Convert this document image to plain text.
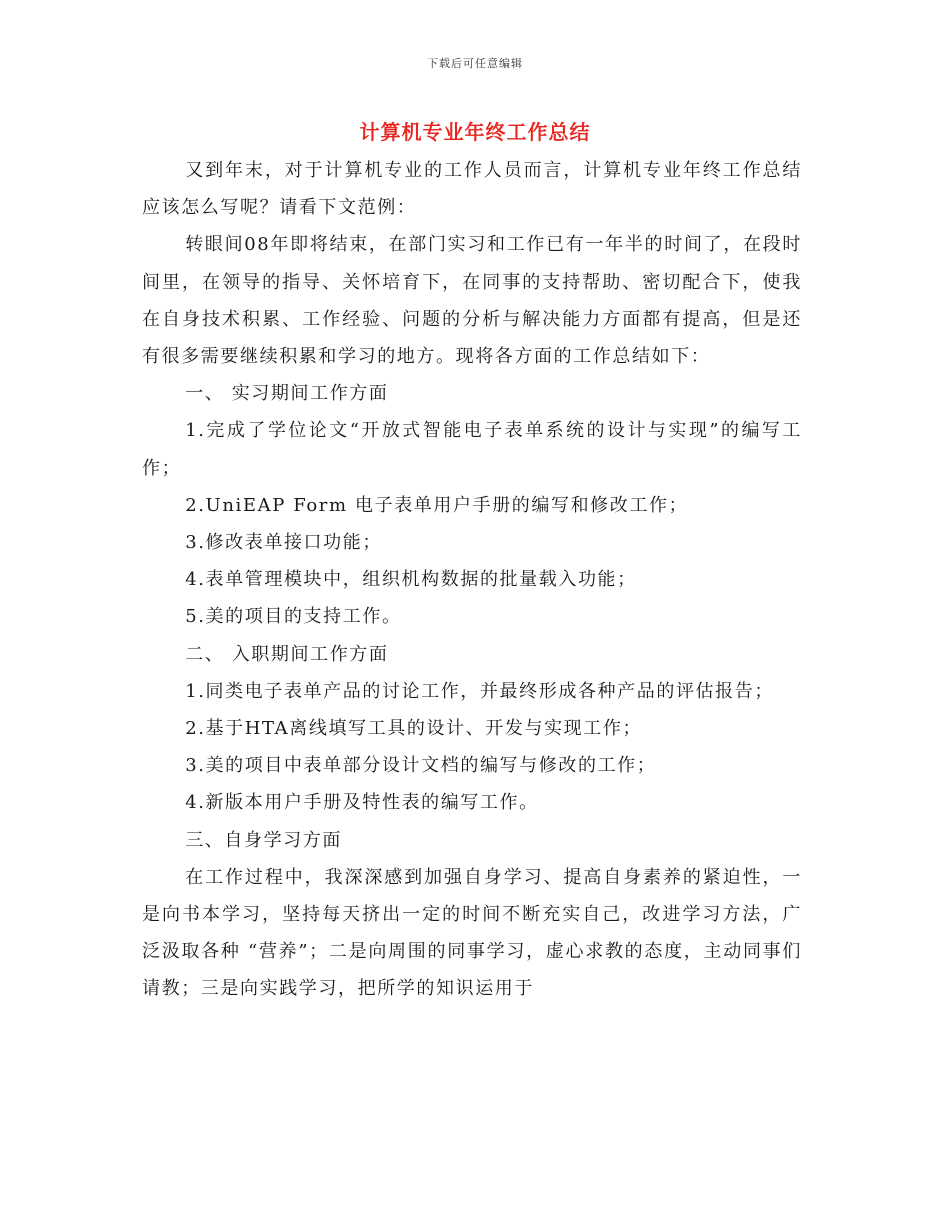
下载后可任意编辑
计算机专业年终工作总结

又到年末，对于计算机专业的工作人员而言，计算机专业年终工作总结应该怎么写呢？请看下文范例：

转眼间08年即将结束，在部门实习和工作已有一年半的时间了，在段时间里，在领导的指导、关怀培育下，在同事的支持帮助、密切配合下，使我在自身技术积累、工作经验、问题的分析与解决能力方面都有提高，但是还有很多需要继续积累和学习的地方。现将各方面的工作总结如下：

一、 实习期间工作方面

1.完成了学位论文“开放式智能电子表单系统的设计与实现”的编写工作；

2.UniEAP Form 电子表单用户手册的编写和修改工作；

3.修改表单接口功能；

4.表单管理模块中，组织机构数据的批量载入功能；

5.美的项目的支持工作。

二、 入职期间工作方面

1.同类电子表单产品的讨论工作，并最终形成各种产品的评估报告；

2.基于HTA离线填写工具的设计、开发与实现工作；

3.美的项目中表单部分设计文档的编写与修改的工作；

4.新版本用户手册及特性表的编写工作。

三、自身学习方面

在工作过程中，我深深感到加强自身学习、提高自身素养的紧迫性，一是向书本学习，坚持每天挤出一定的时间不断充实自己，改进学习方法，广泛汲取各种 “营养”；二是向周围的同事学习，虚心求教的态度，主动同事们请教；三是向实践学习，把所学的知识运用于
